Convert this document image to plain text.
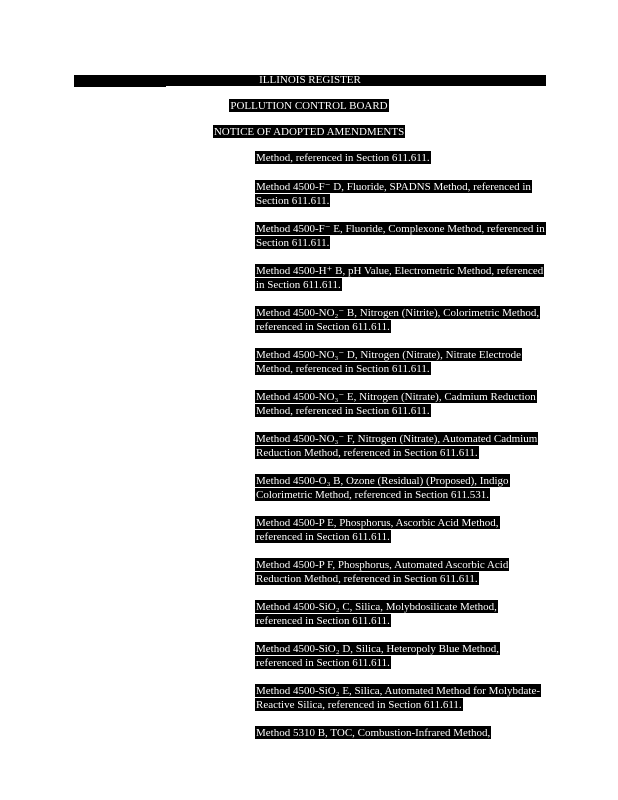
ILLINOIS REGISTER
POLLUTION CONTROL BOARD
NOTICE OF ADOPTED AMENDMENTS
Method, referenced in Section 611.611.
Method 4500-F⁻ D, Fluoride, SPADNS Method, referenced in Section 611.611.
Method 4500-F⁻ E, Fluoride, Complexone Method, referenced in Section 611.611.
Method 4500-H⁺ B, pH Value, Electrometric Method, referenced in Section 611.611.
Method 4500-NO₂⁻ B, Nitrogen (Nitrite), Colorimetric Method, referenced in Section 611.611.
Method 4500-NO₃⁻ D, Nitrogen (Nitrate), Nitrate Electrode Method, referenced in Section 611.611.
Method 4500-NO₃⁻ E, Nitrogen (Nitrate), Cadmium Reduction Method, referenced in Section 611.611.
Method 4500-NO₃⁻ F, Nitrogen (Nitrate), Automated Cadmium Reduction Method, referenced in Section 611.611.
Method 4500-O₃ B, Ozone (Residual) (Proposed), Indigo Colorimetric Method, referenced in Section 611.531.
Method 4500-P E, Phosphorus, Ascorbic Acid Method, referenced in Section 611.611.
Method 4500-P F, Phosphorus, Automated Ascorbic Acid Reduction Method, referenced in Section 611.611.
Method 4500-SiO₂ C, Silica, Molybdosilicate Method, referenced in Section 611.611.
Method 4500-SiO₂ D, Silica, Heteropoly Blue Method, referenced in Section 611.611.
Method 4500-SiO₂ E, Silica, Automated Method for Molybdate-Reactive Silica, referenced in Section 611.611.
Method 5310 B, TOC, Combustion-Infrared Method,
